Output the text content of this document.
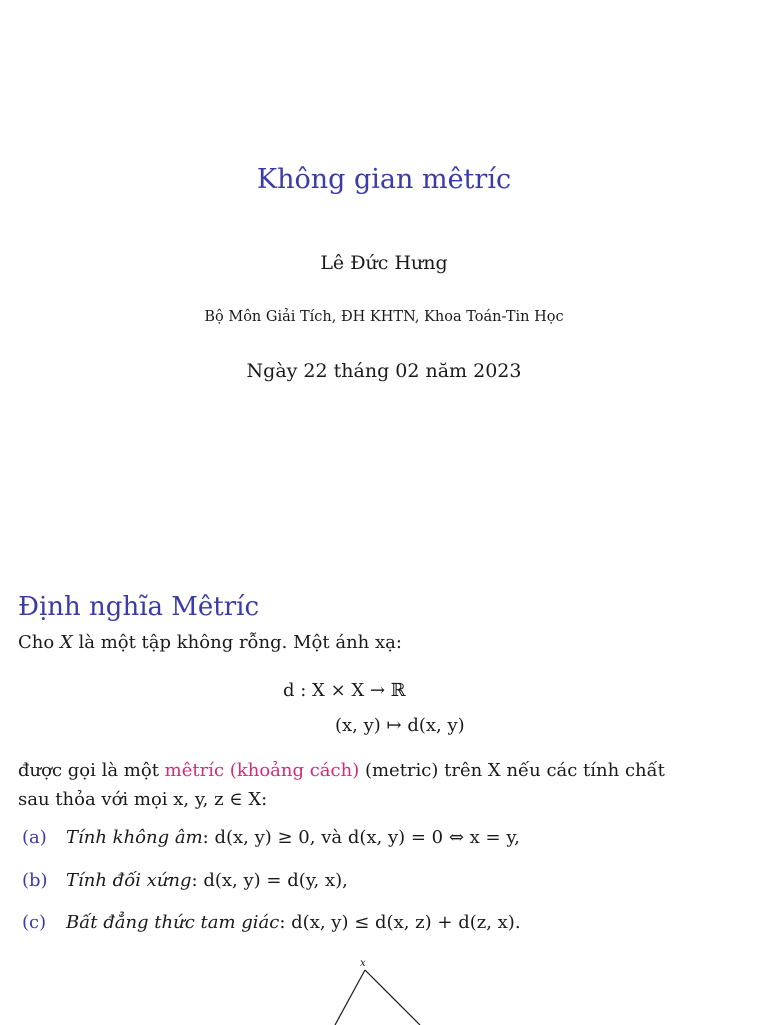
Không gian mêtríc
Lê Đức Hưng
Bộ Môn Giải Tích, ĐH KHTN, Khoa Toán-Tin Học
Ngày 22 tháng 02 năm 2023
Định nghĩa Mêtríc
Cho X là một tập không rỗng. Một ánh xạ:
d : X × X → ℝ
(x, y) ↦ d(x, y)
được gọi là một mêtríc (khoảng cách) (metric) trên X nếu các tính chất
sau thỏa với mọi x, y, z ∈ X:
(a) Tính không âm: d(x, y) ≥ 0, và d(x, y) = 0 ⇔ x = y,
(b) Tính đối xứng: d(x, y) = d(y, x),
(c) Bất đẳng thức tam giác: d(x, y) ≤ d(x, z) + d(z, x).
x
